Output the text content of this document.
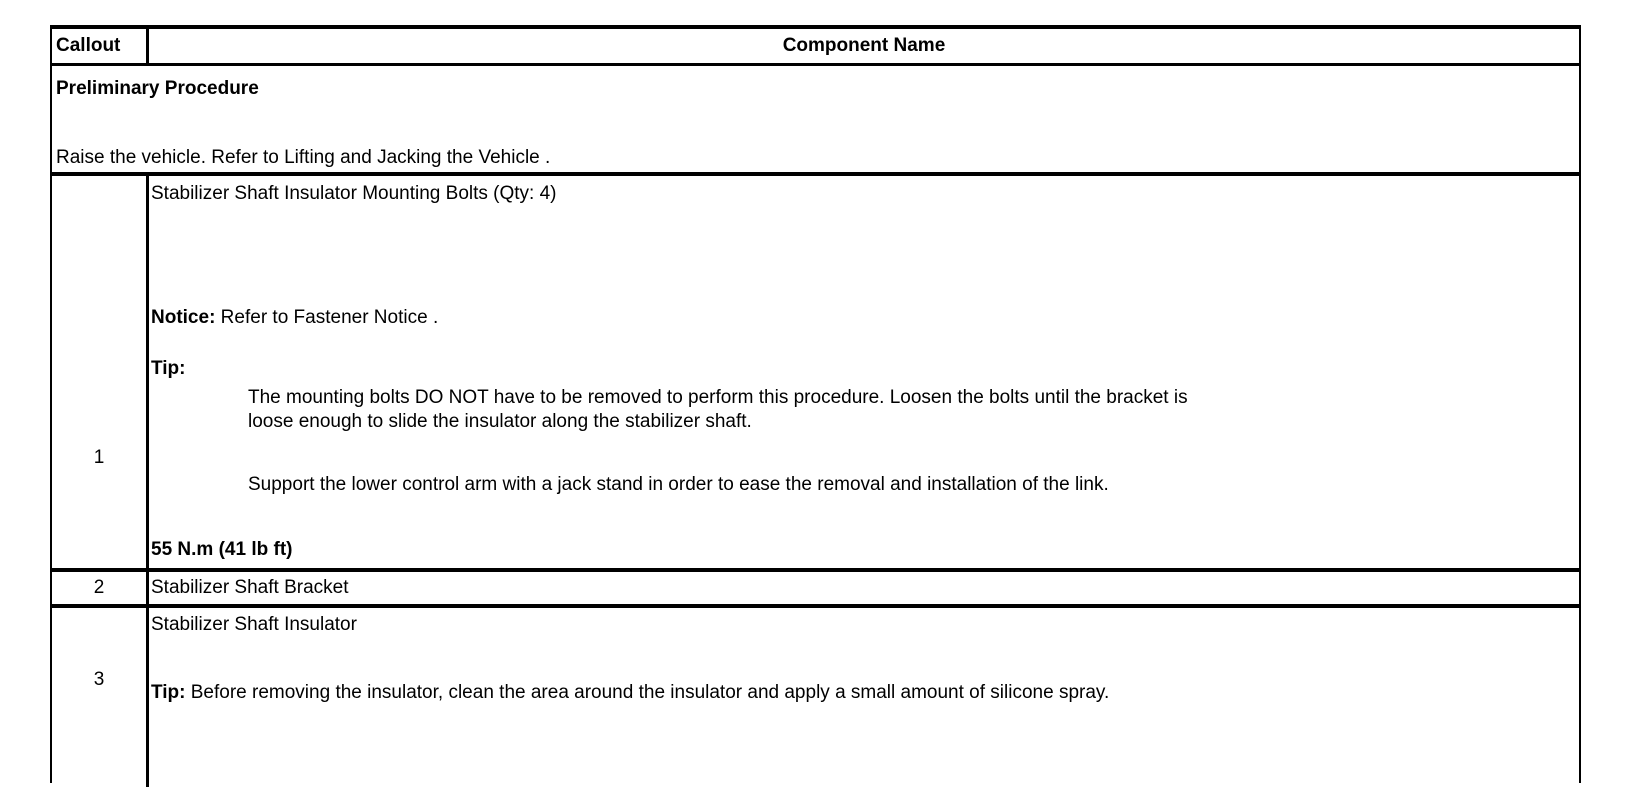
Callout	Component Name
Preliminary Procedure
Raise the vehicle. Refer to Lifting and Jacking the Vehicle .
1
Stabilizer Shaft Insulator Mounting Bolts (Qty: 4)
Notice: Refer to Fastener Notice .
Tip:
The mounting bolts DO NOT have to be removed to perform this procedure. Loosen the bolts until the bracket is
loose enough to slide the insulator along the stabilizer shaft.
Support the lower control arm with a jack stand in order to ease the removal and installation of the link.
55 N.m (41 lb ft)
2	Stabilizer Shaft Bracket
3
Stabilizer Shaft Insulator
Tip: Before removing the insulator, clean the area around the insulator and apply a small amount of silicone spray.
